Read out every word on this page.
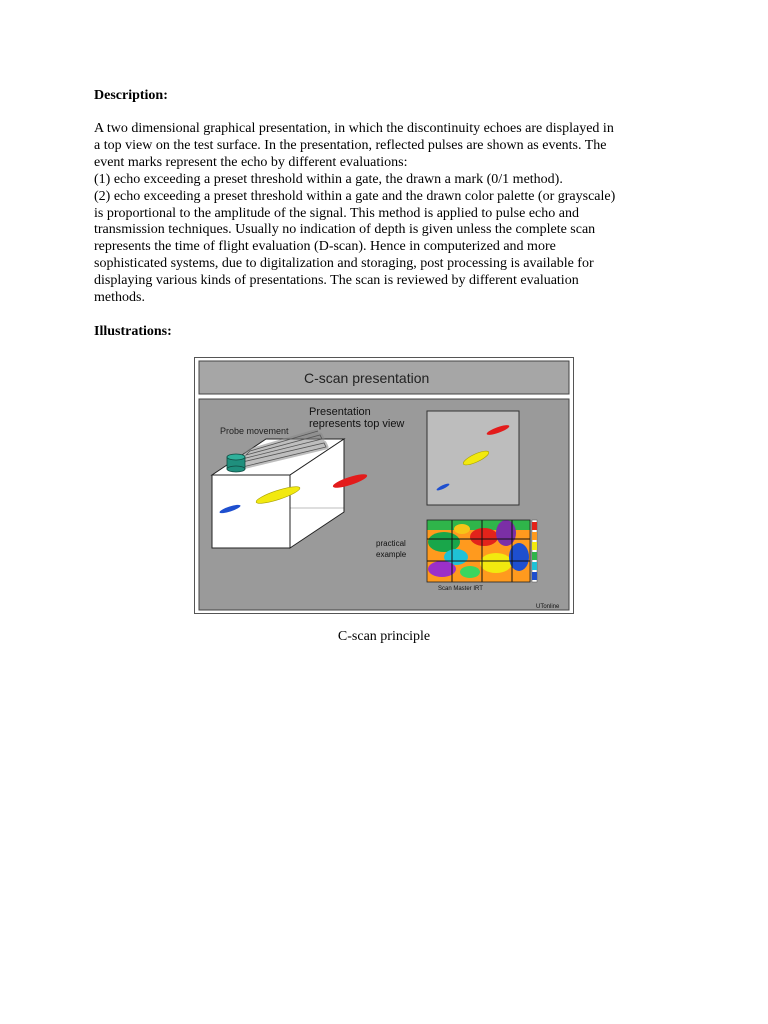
Description:
A two dimensional graphical presentation, in which the discontinuity echoes are displayed in
a top view on the test surface. In the presentation, reflected pulses are shown as events. The
event marks represent the echo by different evaluations:
(1) echo exceeding a preset threshold within a gate, the drawn a mark (0/1 method).
(2) echo exceeding a preset threshold within a gate and the drawn color palette (or grayscale)
is proportional to the amplitude of the signal. This method is applied to pulse echo and
transmission techniques. Usually no indication of depth is given unless the complete scan
represents the time of flight evaluation (D-scan). Hence in computerized and more
sophisticated systems, due to digitalization and storaging, post processing is available for
displaying various kinds of presentations. The scan is reviewed by different evaluation
methods.
Illustrations:
C-scan presentation
Probe movement
Presentation
represents top view
practical
example
Scan Master IRT
UTonline
C-scan principle
